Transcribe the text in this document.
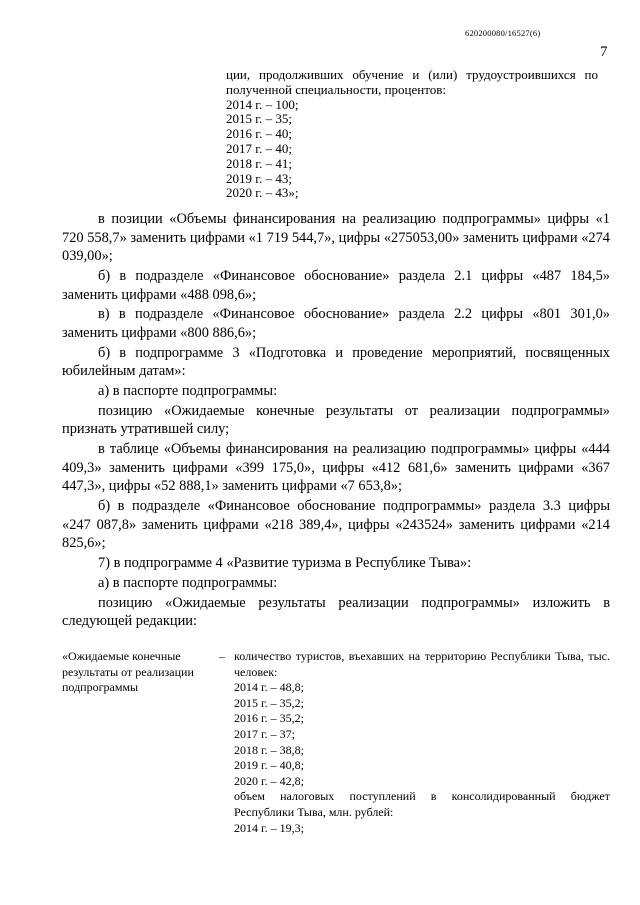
620200080/16527(6)
7

ции, продолживших обучение и (или) трудоустроившихся по полученной специальности, процентов:

2014 г. – 100;

2015 г. – 35;

2016 г. – 40;

2017 г. – 40;

2018 г. – 41;

2019 г. – 43;

2020 г. – 43»;

в позиции «Объемы финансирования на реализацию подпрограммы» цифры «1 720 558,7» заменить цифрами «1 719 544,7», цифры «275053,00» заменить цифрами «274 039,00»;

б) в подразделе «Финансовое обоснование» раздела 2.1 цифры «487 184,5» заменить цифрами «488 098,6»;

в) в подразделе «Финансовое обоснование» раздела 2.2 цифры «801 301,0» заменить цифрами «800 886,6»;

б) в подпрограмме 3 «Подготовка и проведение мероприятий, посвященных юбилейным датам»:

а) в паспорте подпрограммы:

позицию «Ожидаемые конечные результаты от реализации подпрограммы» признать утратившей силу;

в таблице «Объемы финансирования на реализацию подпрограммы» цифры «444 409,3» заменить цифрами «399 175,0», цифры «412 681,6» заменить цифрами «367 447,3», цифры «52 888,1» заменить цифрами «7 653,8»;

б) в подразделе «Финансовое обоснование подпрограммы» раздела 3.3 цифры «247 087,8» заменить цифрами «218 389,4», цифры «243524» заменить цифрами «214 825,6»;

7) в подпрограмме 4 «Развитие туризма в Республике Тыва»:

а) в паспорте подпрограммы:

позицию «Ожидаемые результаты реализации подпрограммы» изложить в следующей редакции:

«Ожидаемые конечные результаты от реализации подпрограммы
– количество туристов, въехавших на территорию Республики Тыва, тыс. человек:

2014 г. – 48,8;

2015 г. – 35,2;

2016 г. – 35,2;

2017 г. – 37;

2018 г. – 38,8;

2019 г. – 40,8;

2020 г. – 42,8;

объем налоговых поступлений в консолидированный бюджет Республики Тыва, млн. рублей:

2014 г. – 19,3;
